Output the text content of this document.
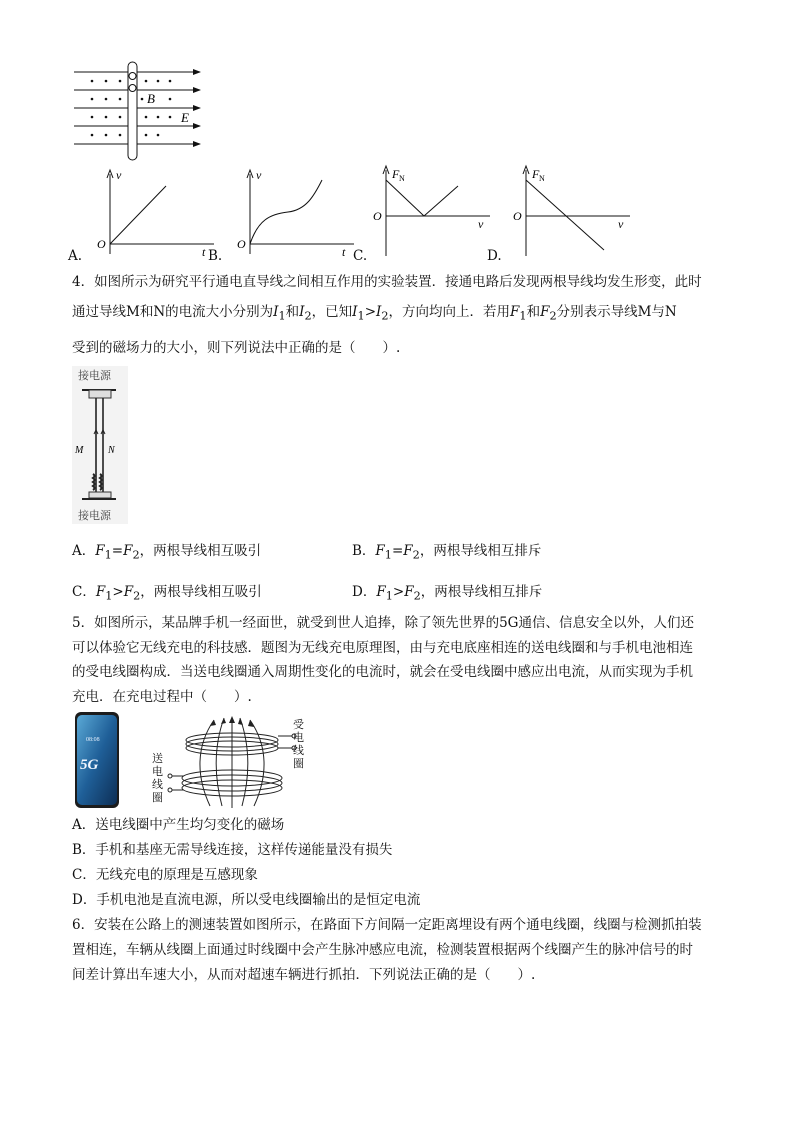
B
E
A.
v
t
O
B.
v
t
O
C.
F N
v
O
D.
F N
v
O
4．如图所示为研究平行通电直导线之间相互作用的实验装置．接通电路后发现两根导线均发生形变，此时
通过导线M和N的电流大小分别为$I_1$和$I_2$，已知$I_1>I_2$，方向均向上．若用$F_1$和$F_2$分别表示导线M与N
受到的磁场力的大小，则下列说法中正确的是（　　）.
接电源
M N
接电源
A．$F_1=F_2$，两根导线相互吸引	B．$F_1=F_2$，两根导线相互排斥
C．$F_1>F_2$，两根导线相互吸引	D．$F_1>F_2$，两根导线相互排斥
5．如图所示，某品牌手机一经面世，就受到世人追捧，除了领先世界的5G通信、信息安全以外，人们还
可以体验它无线充电的科技感．题图为无线充电原理图，由与充电底座相连的送电线圈和与手机电池相连
的受电线圈构成．当送电线圈通入周期性变化的电流时，就会在受电线圈中感应出电流，从而实现为手机
充电．在充电过程中（　　）.
08:08
5G
受
电
线
圈
送
电
线
圈
A．送电线圈中产生均匀变化的磁场
B．手机和基座无需导线连接，这样传递能量没有损失
C．无线充电的原理是互感现象
D．手机电池是直流电源，所以受电线圈输出的是恒定电流
6．安装在公路上的测速装置如图所示，在路面下方间隔一定距离埋设有两个通电线圈，线圈与检测抓拍装
置相连，车辆从线圈上面通过时线圈中会产生脉冲感应电流，检测装置根据两个线圈产生的脉冲信号的时
间差计算出车速大小，从而对超速车辆进行抓拍．下列说法正确的是（　　）.
